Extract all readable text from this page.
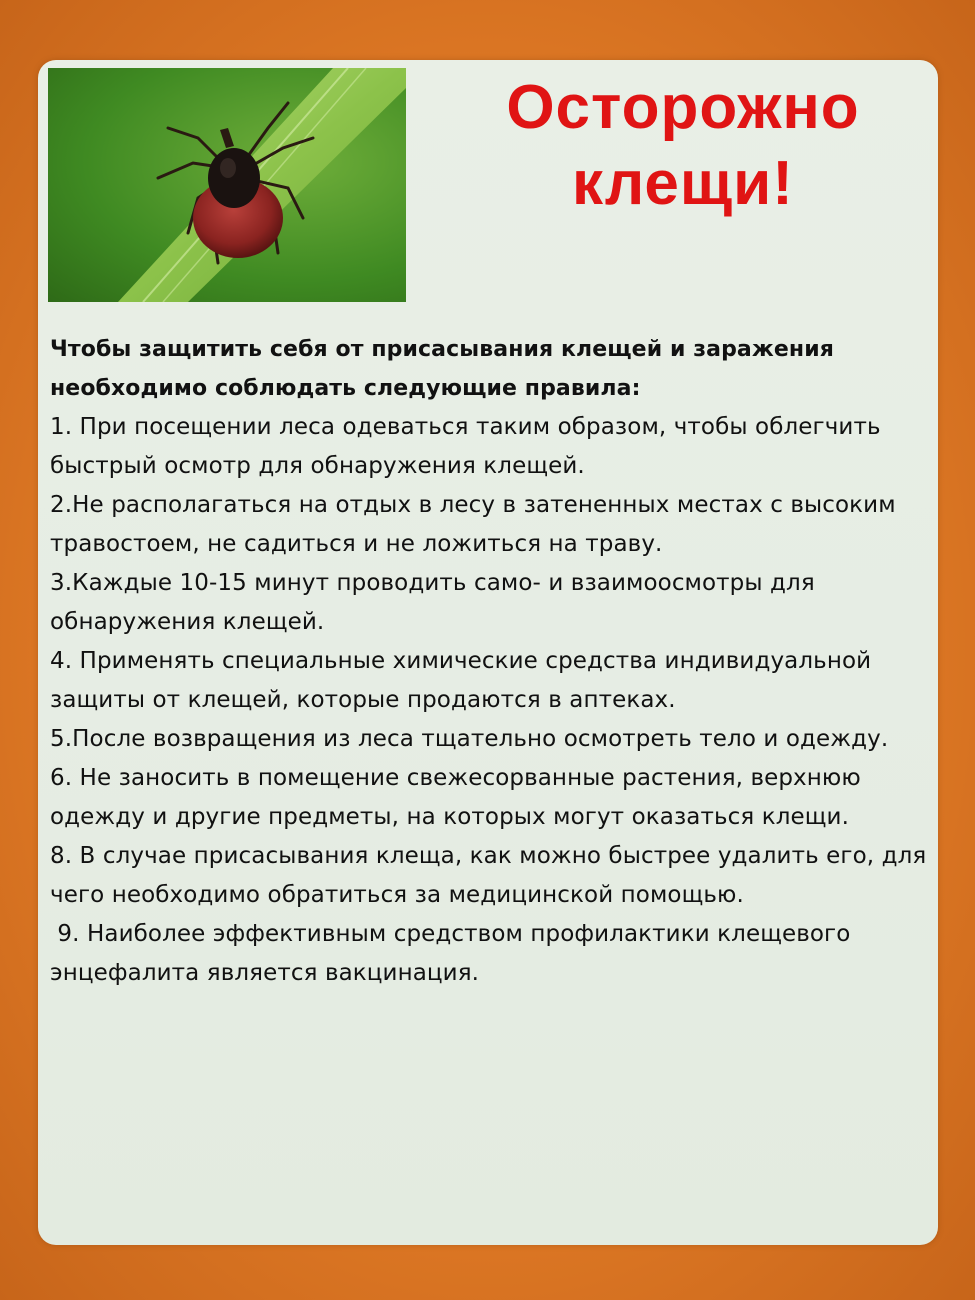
Осторожно
клещи!

Чтобы защитить себя от присасывания клещей и заражения необходимо соблюдать следующие правила:

1. При посещении леса одеваться таким образом, чтобы облегчить быстрый осмотр для обнаружения клещей.

2.Не располагаться на отдых в лесу в затененных местах с высоким травостоем, не садиться и не ложиться на траву.

3.Каждые 10-15 минут проводить само- и взаимоосмотры для обнаружения клещей.

4. Применять специальные химические средства индивидуальной защиты от клещей, которые продаются в аптеках.

5.После возвращения из леса тщательно осмотреть тело и одежду.

6. Не заносить в помещение свежесорванные растения, верхнюю одежду и другие предметы, на которых могут оказаться клещи.

8. В случае присасывания клеща, как можно быстрее удалить его, для чего необходимо обратиться за медицинской помощью.

9. Наиболее эффективным средством профилактики клещевого энцефалита является вакцинация.
